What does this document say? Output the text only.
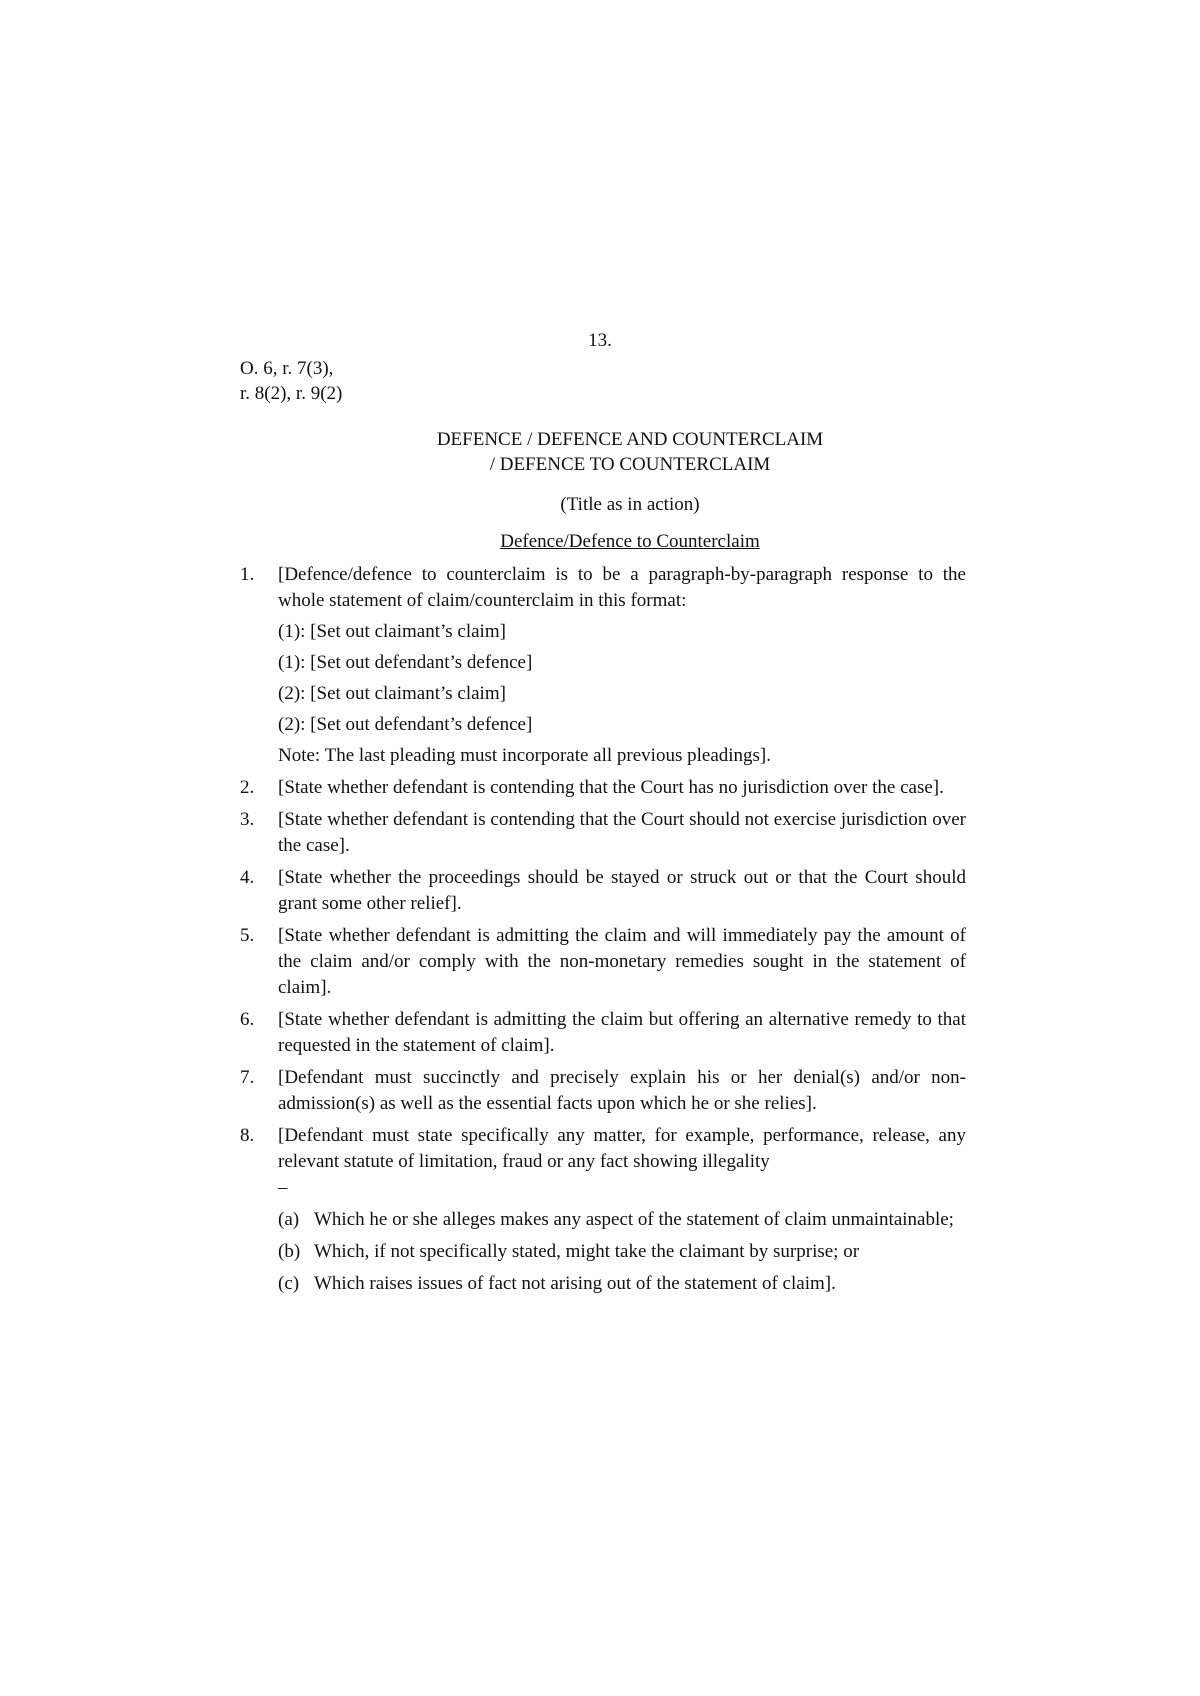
13.
O. 6, r. 7(3),
r. 8(2), r. 9(2)
DEFENCE / DEFENCE AND COUNTERCLAIM
/ DEFENCE TO COUNTERCLAIM
(Title as in action)
Defence/Defence to Counterclaim
1.	[Defence/defence to counterclaim is to be a paragraph-by-paragraph response to the whole statement of claim/counterclaim in this format:
(1): [Set out claimant’s claim]
(1): [Set out defendant’s defence]
(2): [Set out claimant’s claim]
(2): [Set out defendant’s defence]
Note: The last pleading must incorporate all previous pleadings].
2.	[State whether defendant is contending that the Court has no jurisdiction over the case].
3.	[State whether defendant is contending that the Court should not exercise jurisdiction over the case].
4.	[State whether the proceedings should be stayed or struck out or that the Court should grant some other relief].
5.	[State whether defendant is admitting the claim and will immediately pay the amount of the claim and/or comply with the non-monetary remedies sought in the statement of claim].
6.	[State whether defendant is admitting the claim but offering an alternative remedy to that requested in the statement of claim].
7.	[Defendant must succinctly and precisely explain his or her denial(s) and/or non-admission(s) as well as the essential facts upon which he or she relies].
8.	[Defendant must state specifically any matter, for example, performance, release, any relevant statute of limitation, fraud or any fact showing illegality
–
(a) Which he or she alleges makes any aspect of the statement of claim unmaintainable;
(b) Which, if not specifically stated, might take the claimant by surprise; or
(c) Which raises issues of fact not arising out of the statement of claim].
